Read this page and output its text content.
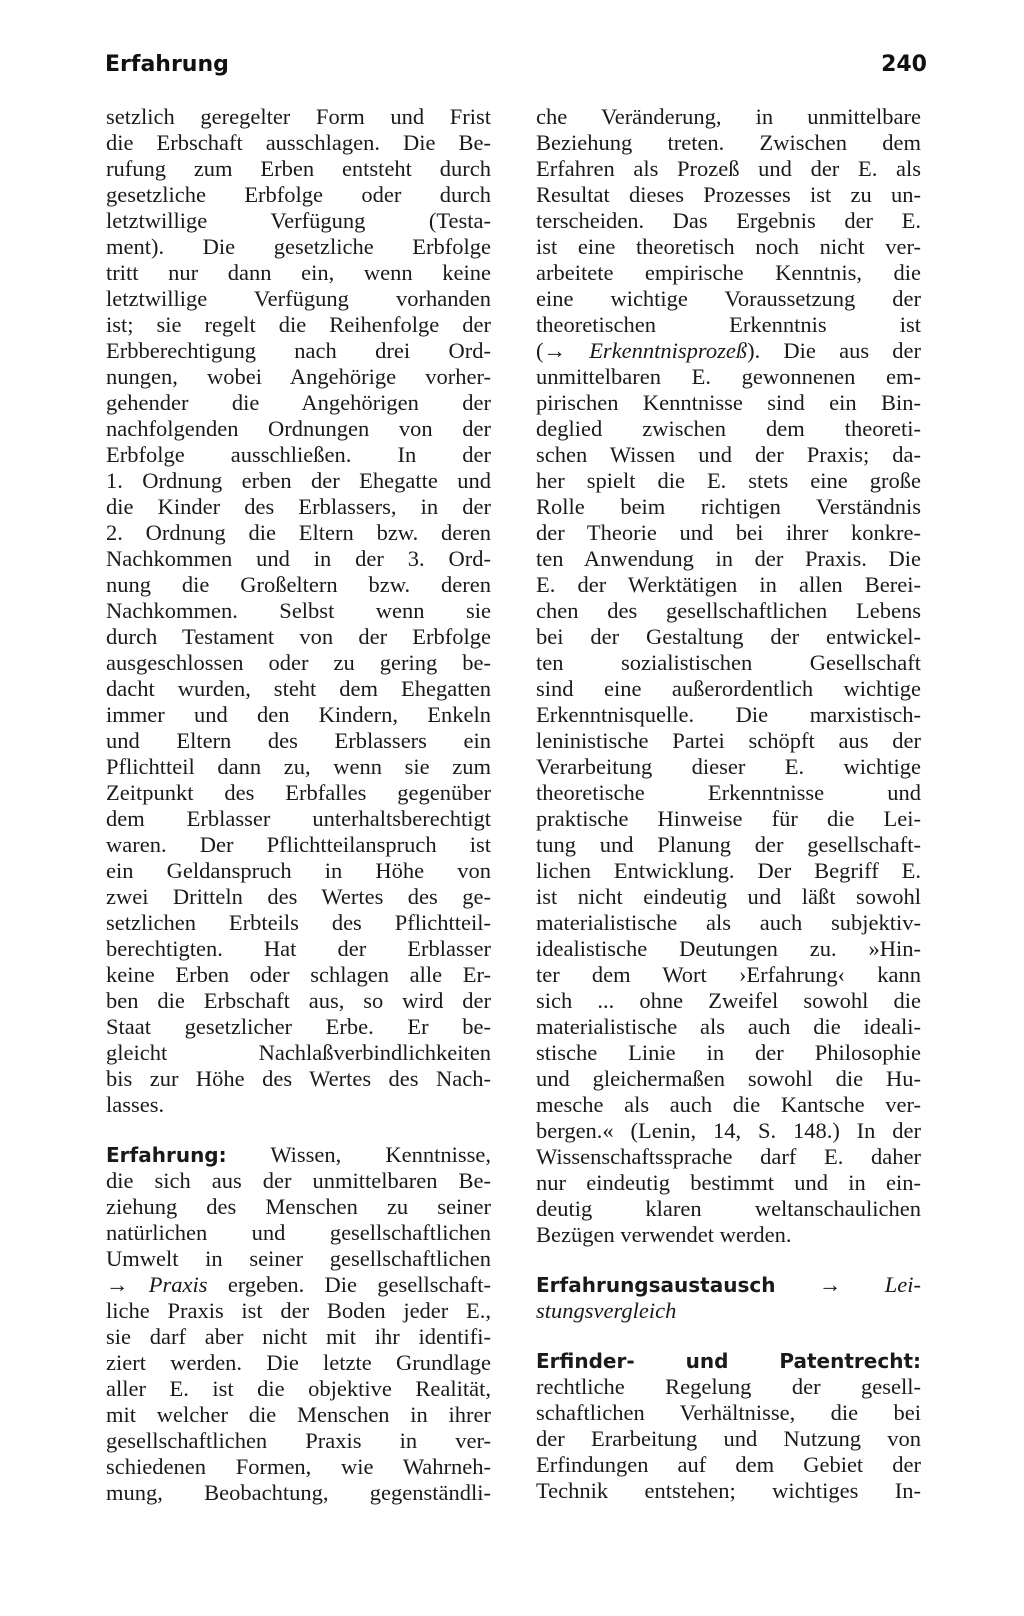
Erfahrung	240
setzlich geregelter Form und Frist
die Erbschaft ausschlagen. Die Be-
rufung zum Erben entsteht durch
gesetzliche Erbfolge oder durch
letztwillige Verfügung (Testa-
ment). Die gesetzliche Erbfolge
tritt nur dann ein, wenn keine
letztwillige Verfügung vorhanden
ist; sie regelt die Reihenfolge der
Erbberechtigung nach drei Ord-
nungen, wobei Angehörige vorher-
gehender die Angehörigen der
nachfolgenden Ordnungen von der
Erbfolge ausschließen. In der
1. Ordnung erben der Ehegatte und
die Kinder des Erblassers, in der
2. Ordnung die Eltern bzw. deren
Nachkommen und in der 3. Ord-
nung die Großeltern bzw. deren
Nachkommen. Selbst wenn sie
durch Testament von der Erbfolge
ausgeschlossen oder zu gering be-
dacht wurden, steht dem Ehegatten
immer und den Kindern, Enkeln
und Eltern des Erblassers ein
Pflichtteil dann zu, wenn sie zum
Zeitpunkt des Erbfalles gegenüber
dem Erblasser unterhaltsberechtigt
waren. Der Pflichtteilanspruch ist
ein Geldanspruch in Höhe von
zwei Dritteln des Wertes des ge-
setzlichen Erbteils des Pflichtteil-
berechtigten. Hat der Erblasser
keine Erben oder schlagen alle Er-
ben die Erbschaft aus, so wird der
Staat gesetzlicher Erbe. Er be-
gleicht Nachlaßverbindlichkeiten
bis zur Höhe des Wertes des Nach-
lasses.
Erfahrung: Wissen, Kenntnisse,
die sich aus der unmittelbaren Be-
ziehung des Menschen zu seiner
natürlichen und gesellschaftlichen
Umwelt in seiner gesellschaftlichen
→ Praxis ergeben. Die gesellschaft-
liche Praxis ist der Boden jeder E.,
sie darf aber nicht mit ihr identifi-
ziert werden. Die letzte Grundlage
aller E. ist die objektive Realität,
mit welcher die Menschen in ihrer
gesellschaftlichen Praxis in ver-
schiedenen Formen, wie Wahrneh-
mung, Beobachtung, gegenständli-
che Veränderung, in unmittelbare
Beziehung treten. Zwischen dem
Erfahren als Prozeß und der E. als
Resultat dieses Prozesses ist zu un-
terscheiden. Das Ergebnis der E.
ist eine theoretisch noch nicht ver-
arbeitete empirische Kenntnis, die
eine wichtige Voraussetzung der
theoretischen Erkenntnis ist
(→ Erkenntnisprozeß). Die aus der
unmittelbaren E. gewonnenen em-
pirischen Kenntnisse sind ein Bin-
deglied zwischen dem theoreti-
schen Wissen und der Praxis; da-
her spielt die E. stets eine große
Rolle beim richtigen Verständnis
der Theorie und bei ihrer konkre-
ten Anwendung in der Praxis. Die
E. der Werktätigen in allen Berei-
chen des gesellschaftlichen Lebens
bei der Gestaltung der entwickel-
ten sozialistischen Gesellschaft
sind eine außerordentlich wichtige
Erkenntnisquelle. Die marxistisch-
leninistische Partei schöpft aus der
Verarbeitung dieser E. wichtige
theoretische Erkenntnisse und
praktische Hinweise für die Lei-
tung und Planung der gesellschaft-
lichen Entwicklung. Der Begriff E.
ist nicht eindeutig und läßt sowohl
materialistische als auch subjektiv-
idealistische Deutungen zu. »Hin-
ter dem Wort ›Erfahrung‹ kann
sich ... ohne Zweifel sowohl die
materialistische als auch die ideali-
stische Linie in der Philosophie
und gleichermaßen sowohl die Hu-
mesche als auch die Kantsche ver-
bergen.« (Lenin, 14, S. 148.) In der
Wissenschaftssprache darf E. daher
nur eindeutig bestimmt und in ein-
deutig klaren weltanschaulichen
Bezügen verwendet werden.
Erfahrungsaustausch → Lei-
stungsvergleich
Erfinder-	und	Patentrecht:
rechtliche Regelung der gesell-
schaftlichen Verhältnisse, die bei
der Erarbeitung und Nutzung von
Erfindungen auf dem Gebiet der
Technik entstehen; wichtiges In-
